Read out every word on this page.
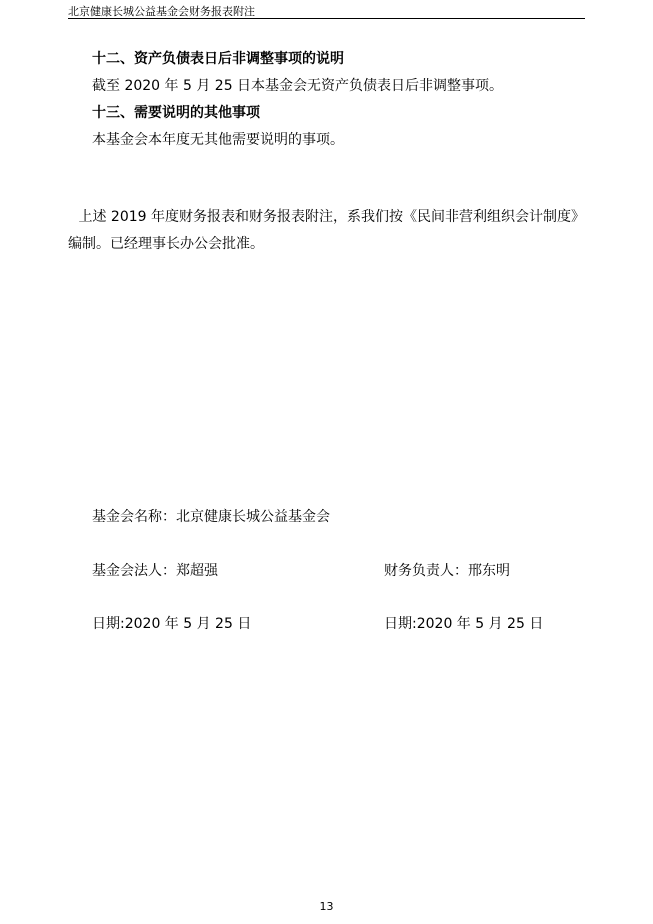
北京健康长城公益基金会财务报表附注
十二、资产负债表日后非调整事项的说明
截至 2020 年 5 月 25 日本基金会无资产负债表日后非调整事项。
十三、需要说明的其他事项
本基金会本年度无其他需要说明的事项。
上述 2019 年度财务报表和财务报表附注，系我们按《民间非营利组织会计制度》
编制。已经理事长办公会批准。
基金会名称：北京健康长城公益基金会
基金会法人：郑超强	财务负责人：邢东明
日期:2020 年 5 月 25 日	日期:2020 年 5 月 25 日
13
